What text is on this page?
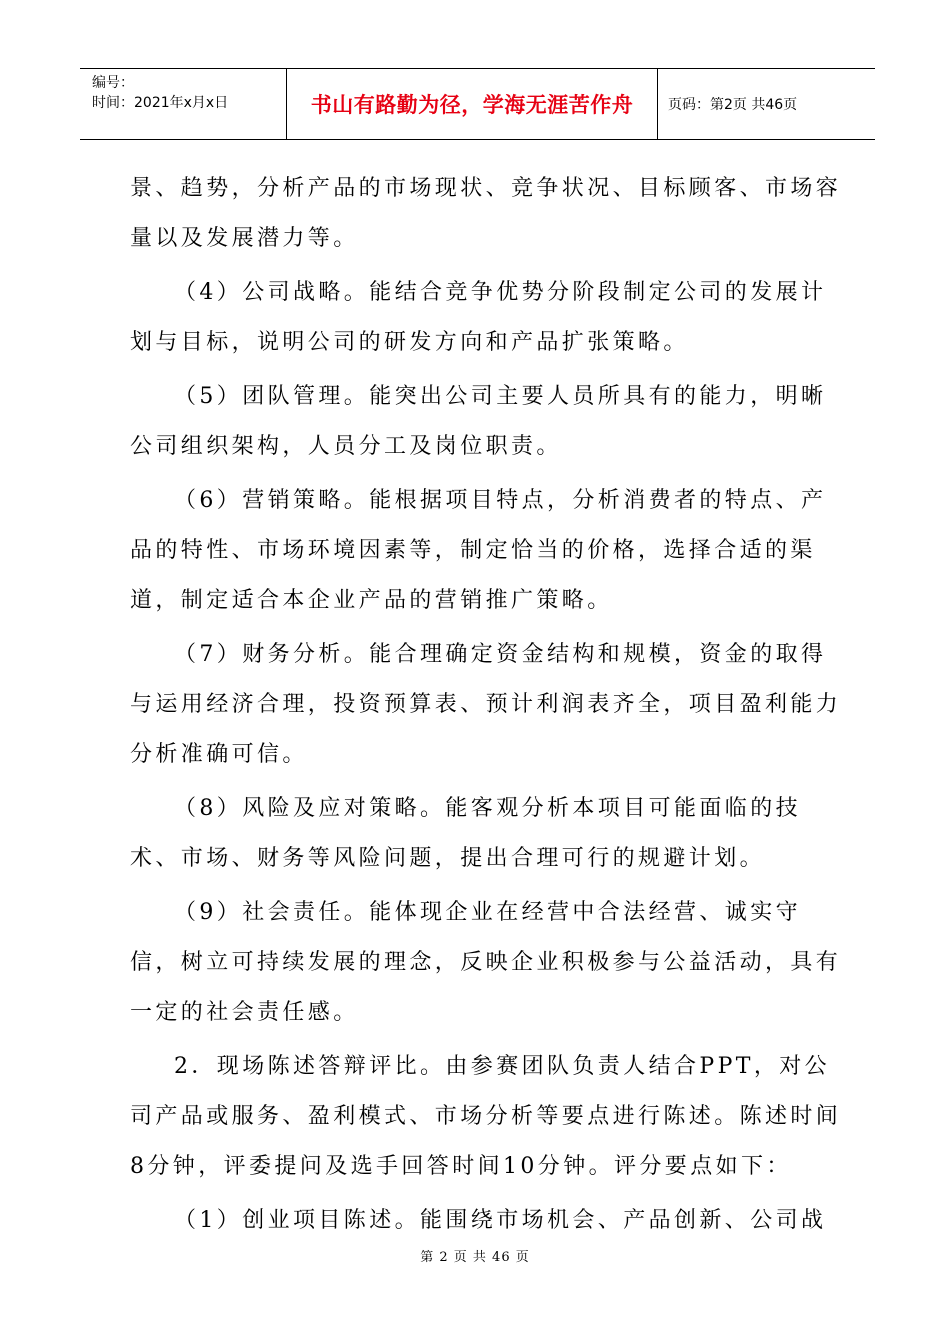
编号：
时间：2021年x月x日	书山有路勤为径，学海无涯苦作舟 页码：第2页 共46页

景、趋势，分析产品的市场现状、竞争状况、目标顾客、市场容量以及发展潜力等。

（4）公司战略。能结合竞争优势分阶段制定公司的发展计划与目标，说明公司的研发方向和产品扩张策略。

（5）团队管理。能突出公司主要人员所具有的能力，明晰公司组织架构，人员分工及岗位职责。

（6）营销策略。能根据项目特点，分析消费者的特点、产品的特性、市场环境因素等，制定恰当的价格，选择合适的渠道，制定适合本企业产品的营销推广策略。

（7）财务分析。能合理确定资金结构和规模，资金的取得与运用经济合理，投资预算表、预计利润表齐全，项目盈利能力分析准确可信。

（8）风险及应对策略。能客观分析本项目可能面临的技术、市场、财务等风险问题，提出合理可行的规避计划。

（9）社会责任。能体现企业在经营中合法经营、诚实守信，树立可持续发展的理念，反映企业积极参与公益活动，具有一定的社会责任感。

2．现场陈述答辩评比。由参赛团队负责人结合PPT，对公司产品或服务、盈利模式、市场分析等要点进行陈述。陈述时间8分钟，评委提问及选手回答时间10分钟。评分要点如下：

（1）创业项目陈述。能围绕市场机会、产品创新、公司战

第 2 页 共 46 页
